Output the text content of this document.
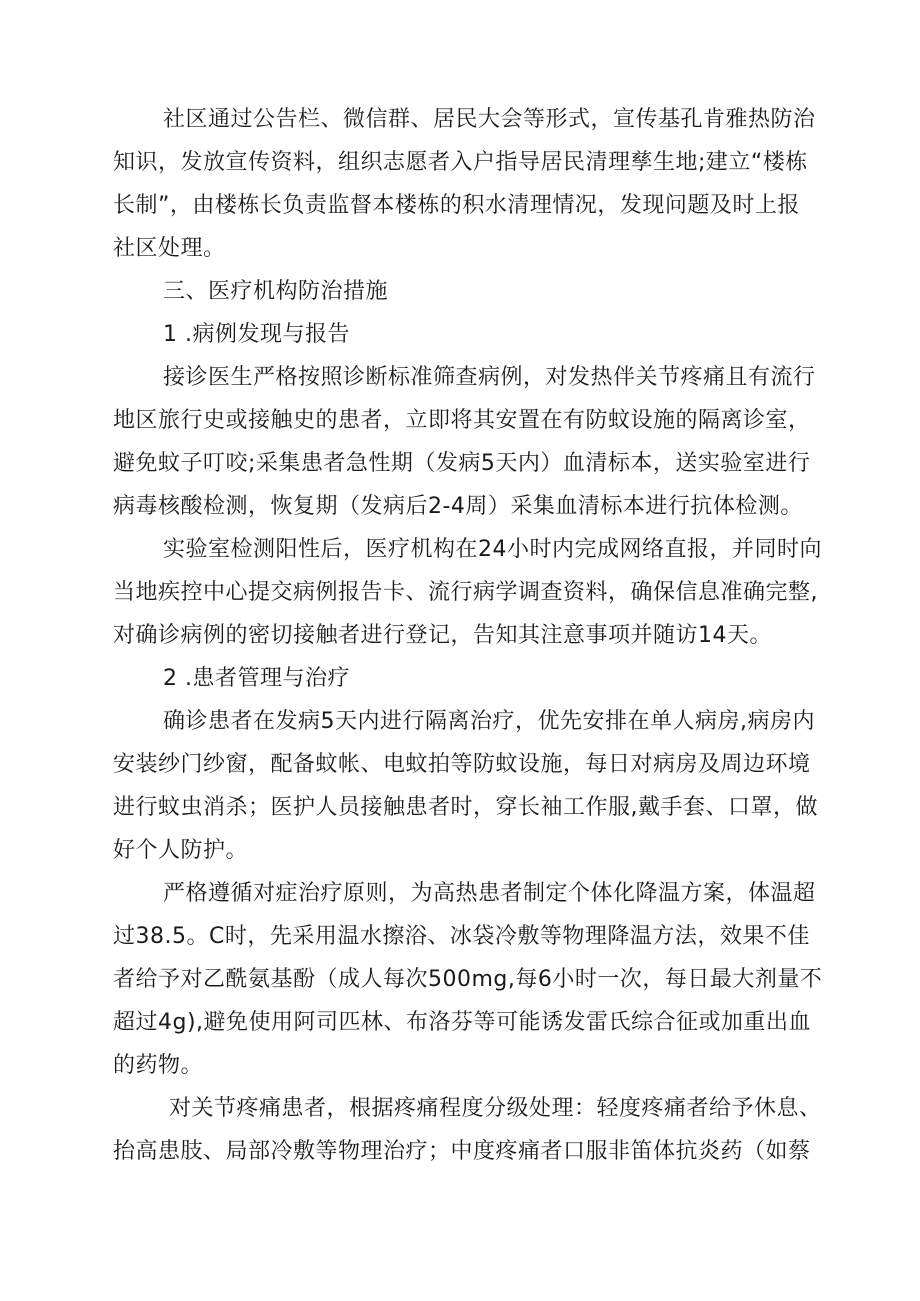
社区通过公告栏、微信群、居民大会等形式，宣传基孔肯雅热防治
知识，发放宣传资料，组织志愿者入户指导居民清理孳生地;建立“楼栋
长制”，由楼栋长负责监督本楼栋的积水清理情况，发现问题及时上报
社区处理。
三、医疗机构防治措施
1 .病例发现与报告
接诊医生严格按照诊断标准筛查病例，对发热伴关节疼痛且有流行
地区旅行史或接触史的患者，立即将其安置在有防蚊设施的隔离诊室，
避免蚊子叮咬;采集患者急性期（发病5天内）血清标本，送实验室进行
病毒核酸检测，恢复期（发病后2-4周）采集血清标本进行抗体检测。
实验室检测阳性后，医疗机构在24小时内完成网络直报，并同时向
当地疾控中心提交病例报告卡、流行病学调查资料，确保信息准确完整,
对确诊病例的密切接触者进行登记，告知其注意事项并随访14天。
2 .患者管理与治疗
确诊患者在发病5天内进行隔离治疗，优先安排在单人病房,病房内
安装纱门纱窗，配备蚊帐、电蚊拍等防蚊设施，每日对病房及周边环境
进行蚊虫消杀；医护人员接触患者时，穿长袖工作服,戴手套、口罩，做
好个人防护。
严格遵循对症治疗原则，为高热患者制定个体化降温方案，体温超
过38.5。C时，先采用温水擦浴、冰袋冷敷等物理降温方法，效果不佳
者给予对乙酰氨基酚（成人每次500mg,每6小时一次，每日最大剂量不
超过4g),避免使用阿司匹林、布洛芬等可能诱发雷氏综合征或加重出血
的药物。
对关节疼痛患者，根据疼痛程度分级处理：轻度疼痛者给予休息、
抬高患肢、局部冷敷等物理治疗；中度疼痛者口服非笛体抗炎药（如蔡
